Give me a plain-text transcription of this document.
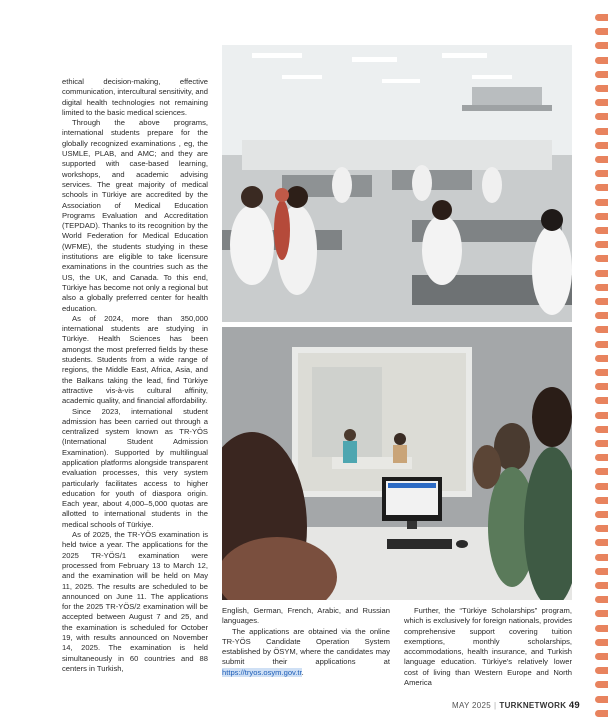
ethical decision-making, effective communication, intercultural sensitivity, and digital health technologies not remaining limited to the basic medical sciences.

Through the above programs, international students prepare for the globally recognized examinations , eg, the USMLE, PLAB, and AMC; and they are supported with case-based learning, workshops, and academic advising services. The great majority of medical schools in Türkiye are accredited by the Association of Medical Education Programs Evaluation and Accreditation (TEPDAD). Thanks to its recognition by the World Federation for Medical Education (WFME), the students studying in these institutions are eligible to take licensure examinations in the countries such as the US, the UK, and Canada. To this end, Türkiye has become not only a regional but also a globally preferred center for health education.

As of 2024, more than 350,000 international students are studying in Türkiye. Health Sciences has been amongst the most preferred fields by these students. Students from a wide range of regions, the Middle East, Africa, Asia, and the Balkans taking the lead, find Türkiye attractive vis-à-vis cultural affinity, academic quality, and financial affordability.

Since 2023, international student admission has been carried out through a centralized system known as TR-YÖS (International Student Admission Examination). Supported by multilingual application platforms alongside transparent evaluation processes, this very system particularly facilitates access to higher education for youth of diaspora origin. Each year, about 4,000–5,000 quotas are allotted to international students in the medical schools of Türkiye.

As of 2025, the TR-YÖS examination is held twice a year. The applications for the 2025 TR-YÖS/1 examination were processed from February 13 to March 12, and the examination will be held on May 11, 2025. The results are scheduled to be announced on June 11. The applications for the 2025 TR-YÖS/2 examination will be accepted between August 7 and 25, and the examination is scheduled for October 19, with results announced on November 14, 2025. The examination is held simultaneously in 60 countries and 88 centers in Turkish,

English, German, French, Arabic, and Russian languages.

The applications are obtained via the online TR-YÖS Candidate Operation System established by ÖSYM, where the candidates may submit their applications at https://tryos.osym.gov.tr.

Further, the “Türkiye Scholarships” program, which is exclusively for foreign nationals, provides comprehensive support covering tuition exemptions, monthly scholarships, accommodations, health insurance, and Turkish language education. Türkiye's relatively lower cost of living than Western Europe and North America

MAY 2025 | TURKNETWORK 49
